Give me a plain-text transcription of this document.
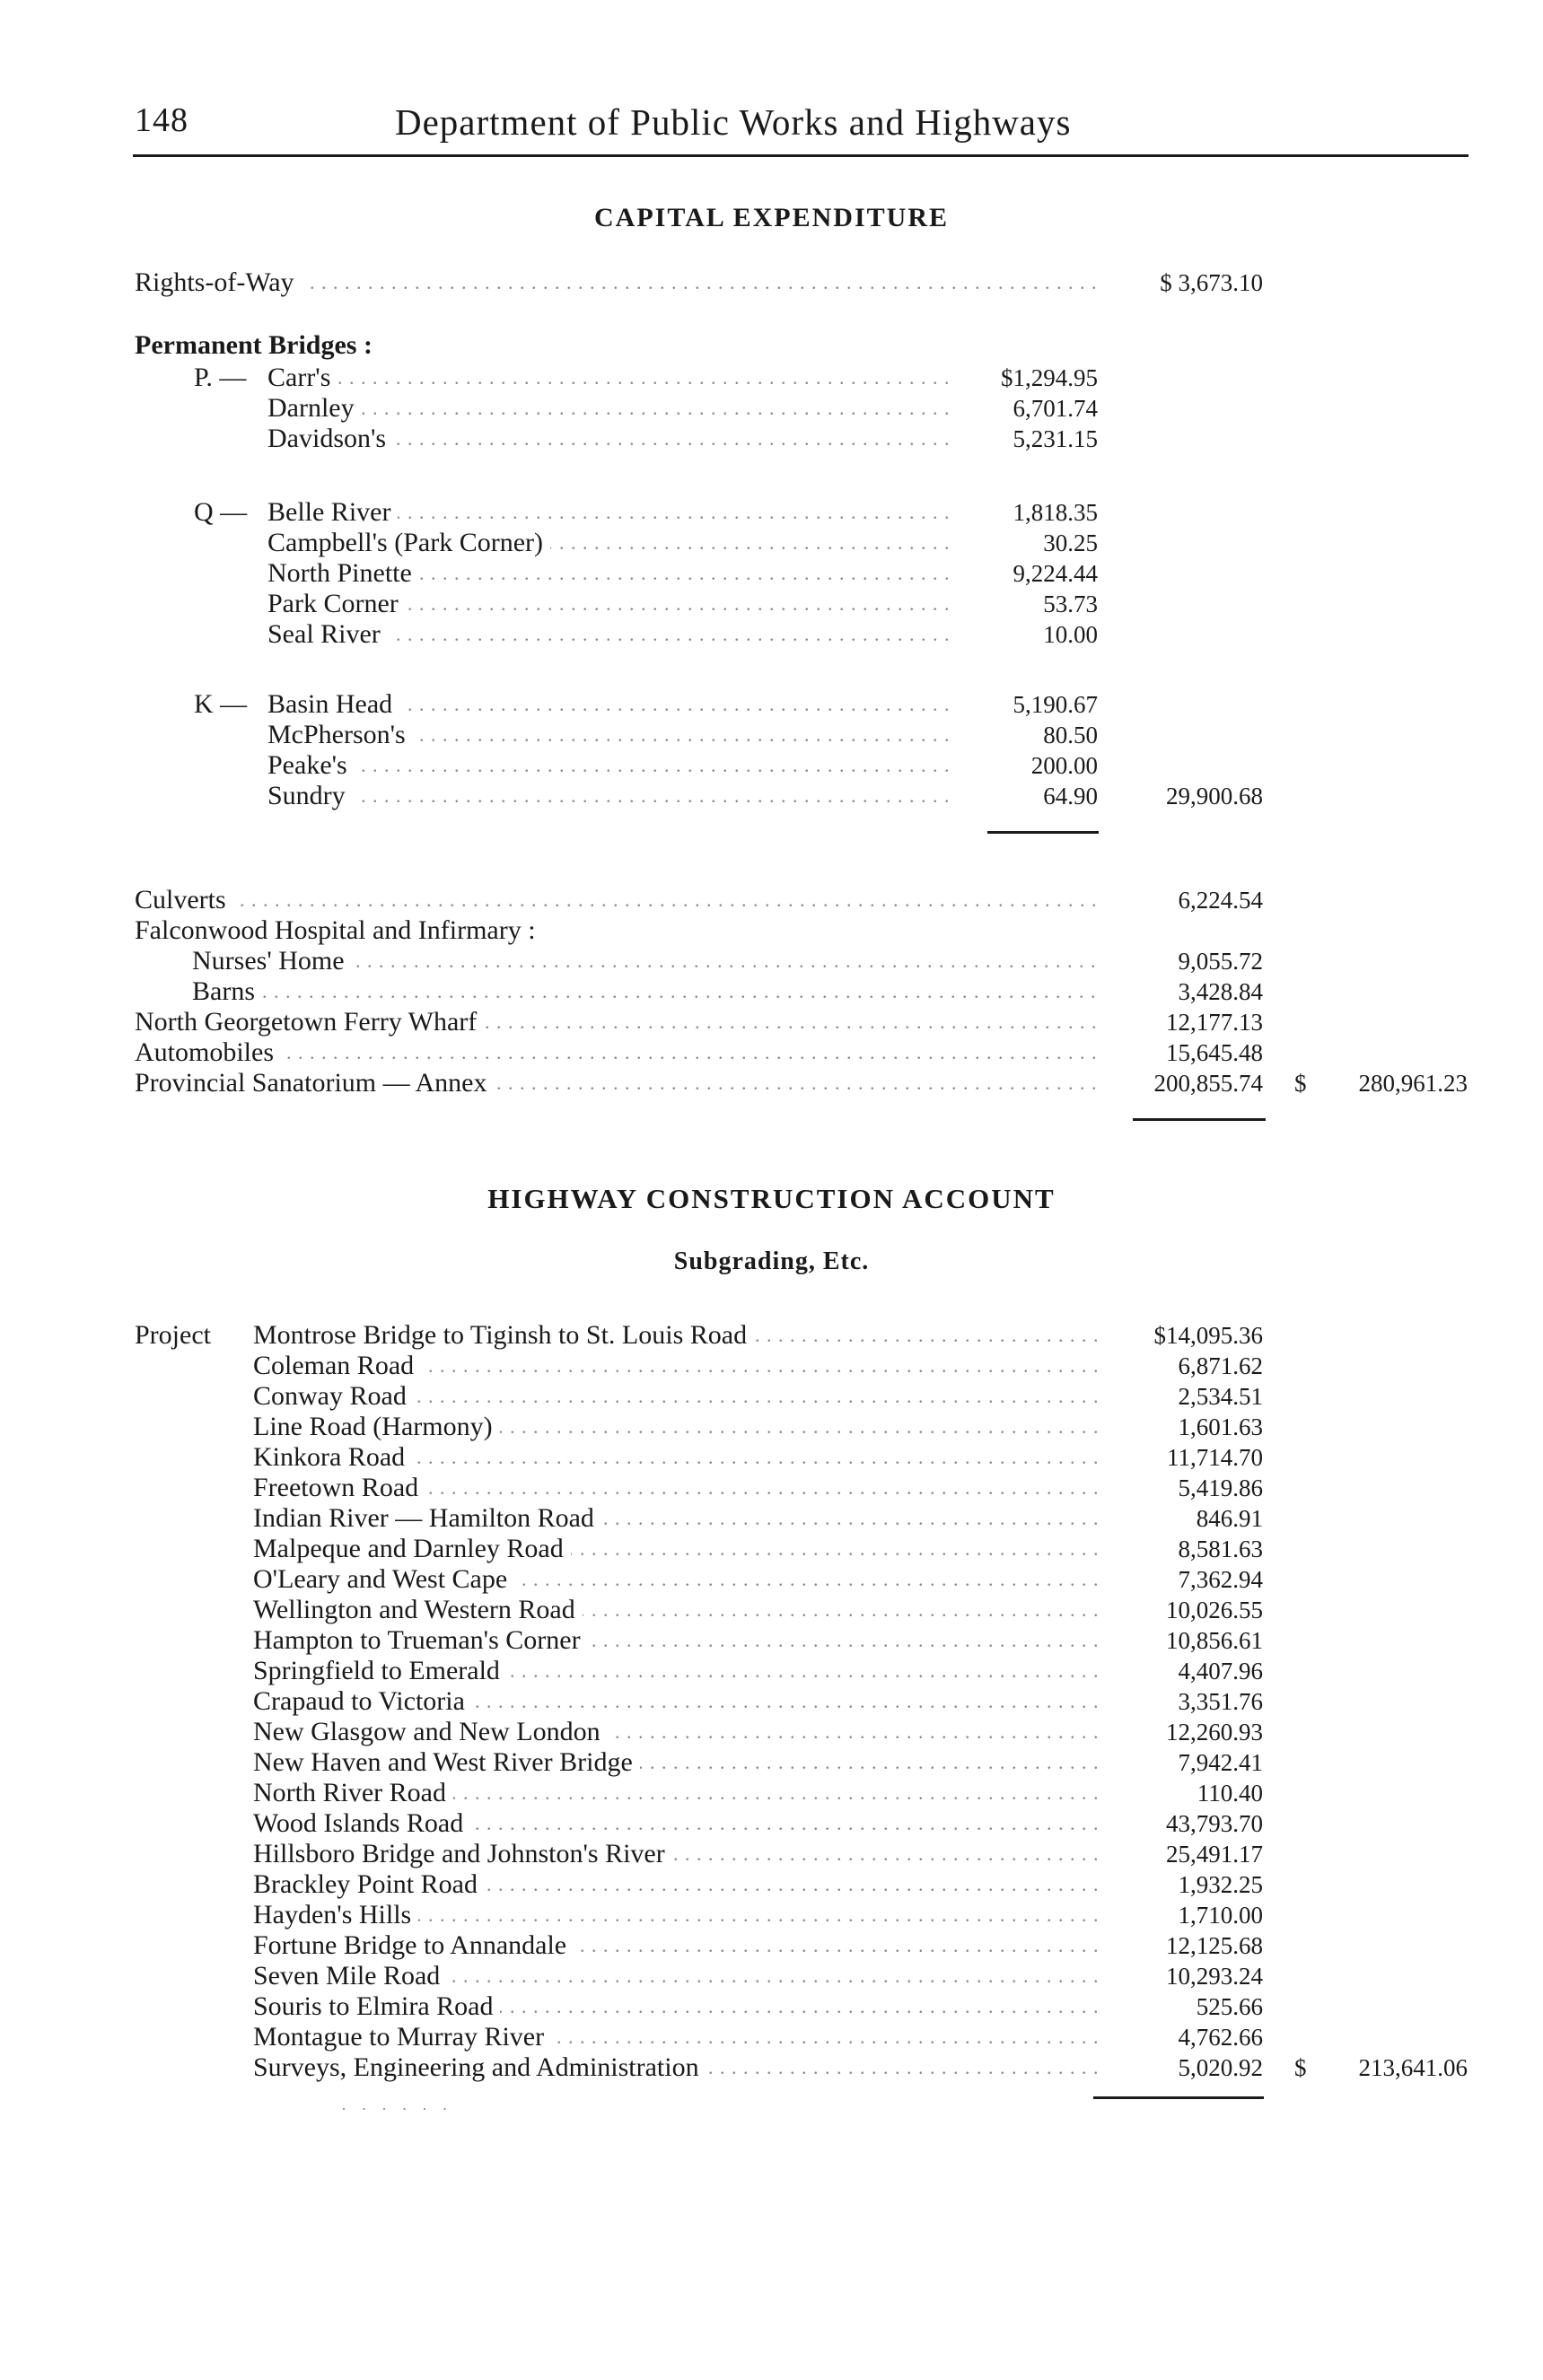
148	Department of Public Works and Highways
CAPITAL EXPENDITURE
Rights-of-Way . . .	$ 3,673.10
Permanent Bridges :
P. — Carr's . . .	$1,294.95
Darnley . . .	6,701.74
Davidson's . . .	5,231.15
Q — Belle River . . .	1,818.35
Campbell's (Park Corner) . . .	30.25
North Pinette . . .	9,224.44
Park Corner . . .	53.73
Seal River . . .	10.00
K — Basin Head . . .	5,190.67
McPherson's . . .	80.50
Peake's . . .	200.00
Sundry . . .	64.90	29,900.68
Culverts . . .	6,224.54
Falconwood Hospital and Infirmary :
Nurses' Home . . .	9,055.72
Barns . . .	3,428.84
North Georgetown Ferry Wharf . . .	12,177.13
Automobiles . . .	15,645.48
Provincial Sanatorium — Annex . . .	200,855.74 $ 280,961.23
HIGHWAY CONSTRUCTION ACCOUNT
Subgrading, Etc.
Project Montrose Bridge to Tiginsh to St. Louis Road . . .	$14,095.36
Coleman Road . . .	6,871.62
Conway Road . . .	2,534.51
Line Road (Harmony) . . .	1,601.63
Kinkora Road . . .	11,714.70
Freetown Road . . .	5,419.86
Indian River — Hamilton Road . . .	846.91
Malpeque and Darnley Road . . .	8,581.63
O'Leary and West Cape . . .	7,362.94
Wellington and Western Road . . .	10,026.55
Hampton to Trueman's Corner . . .	10,856.61
Springfield to Emerald . . .	4,407.96
Crapaud to Victoria . . .	3,351.76
New Glasgow and New London . . .	12,260.93
New Haven and West River Bridge . . .	7,942.41
North River Road . . .	110.40
Wood Islands Road . . .	43,793.70
Hillsboro Bridge and Johnston's River . . .	25,491.17
Brackley Point Road . . .	1,932.25
Hayden's Hills . . .	1,710.00
Fortune Bridge to Annandale . . .	12,125.68
Seven Mile Road . . .	10,293.24
Souris to Elmira Road . . .	525.66
Montague to Murray River . . .	4,762.66
Surveys, Engineering and Administration . . .	5,020.92 $ 213,641.06
· · · · · ·
